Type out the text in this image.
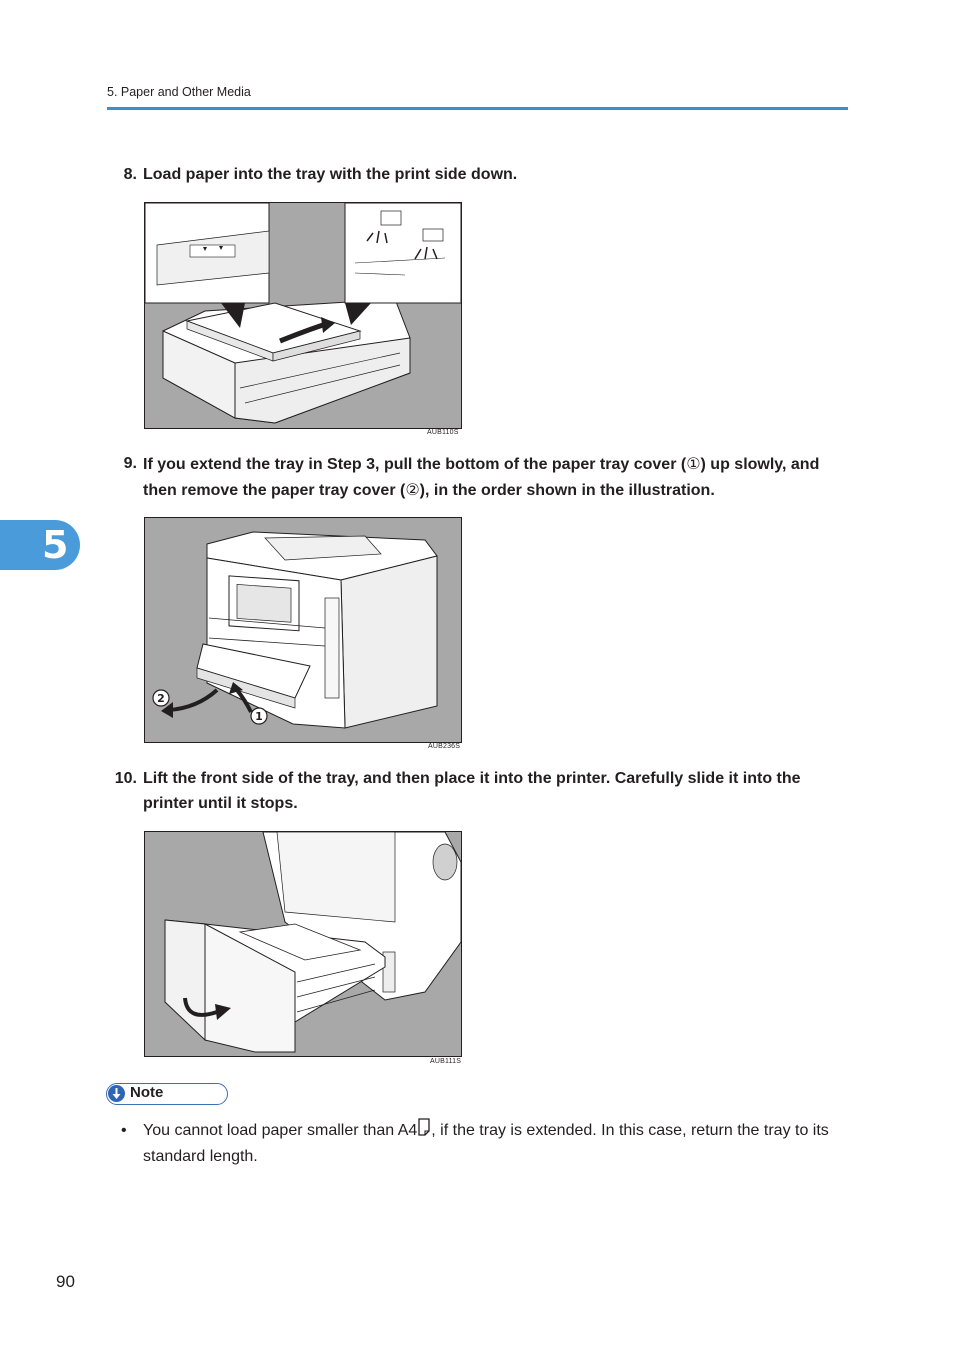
5. Paper and Other Media
5
8. Load paper into the tray with the print side down.
AUB110S
9. If you extend the tray in Step 3, pull the bottom of the paper tray cover (①) up slowly, and then remove the paper tray cover (②), in the order shown in the illustration.
2
1
AUB236S
10. Lift the front side of the tray, and then place it into the printer. Carefully slide it into the printer until it stops.
AUB111S
Note
• You cannot load paper smaller than A4 , if the tray is extended. In this case, return the tray to its standard length.
90
